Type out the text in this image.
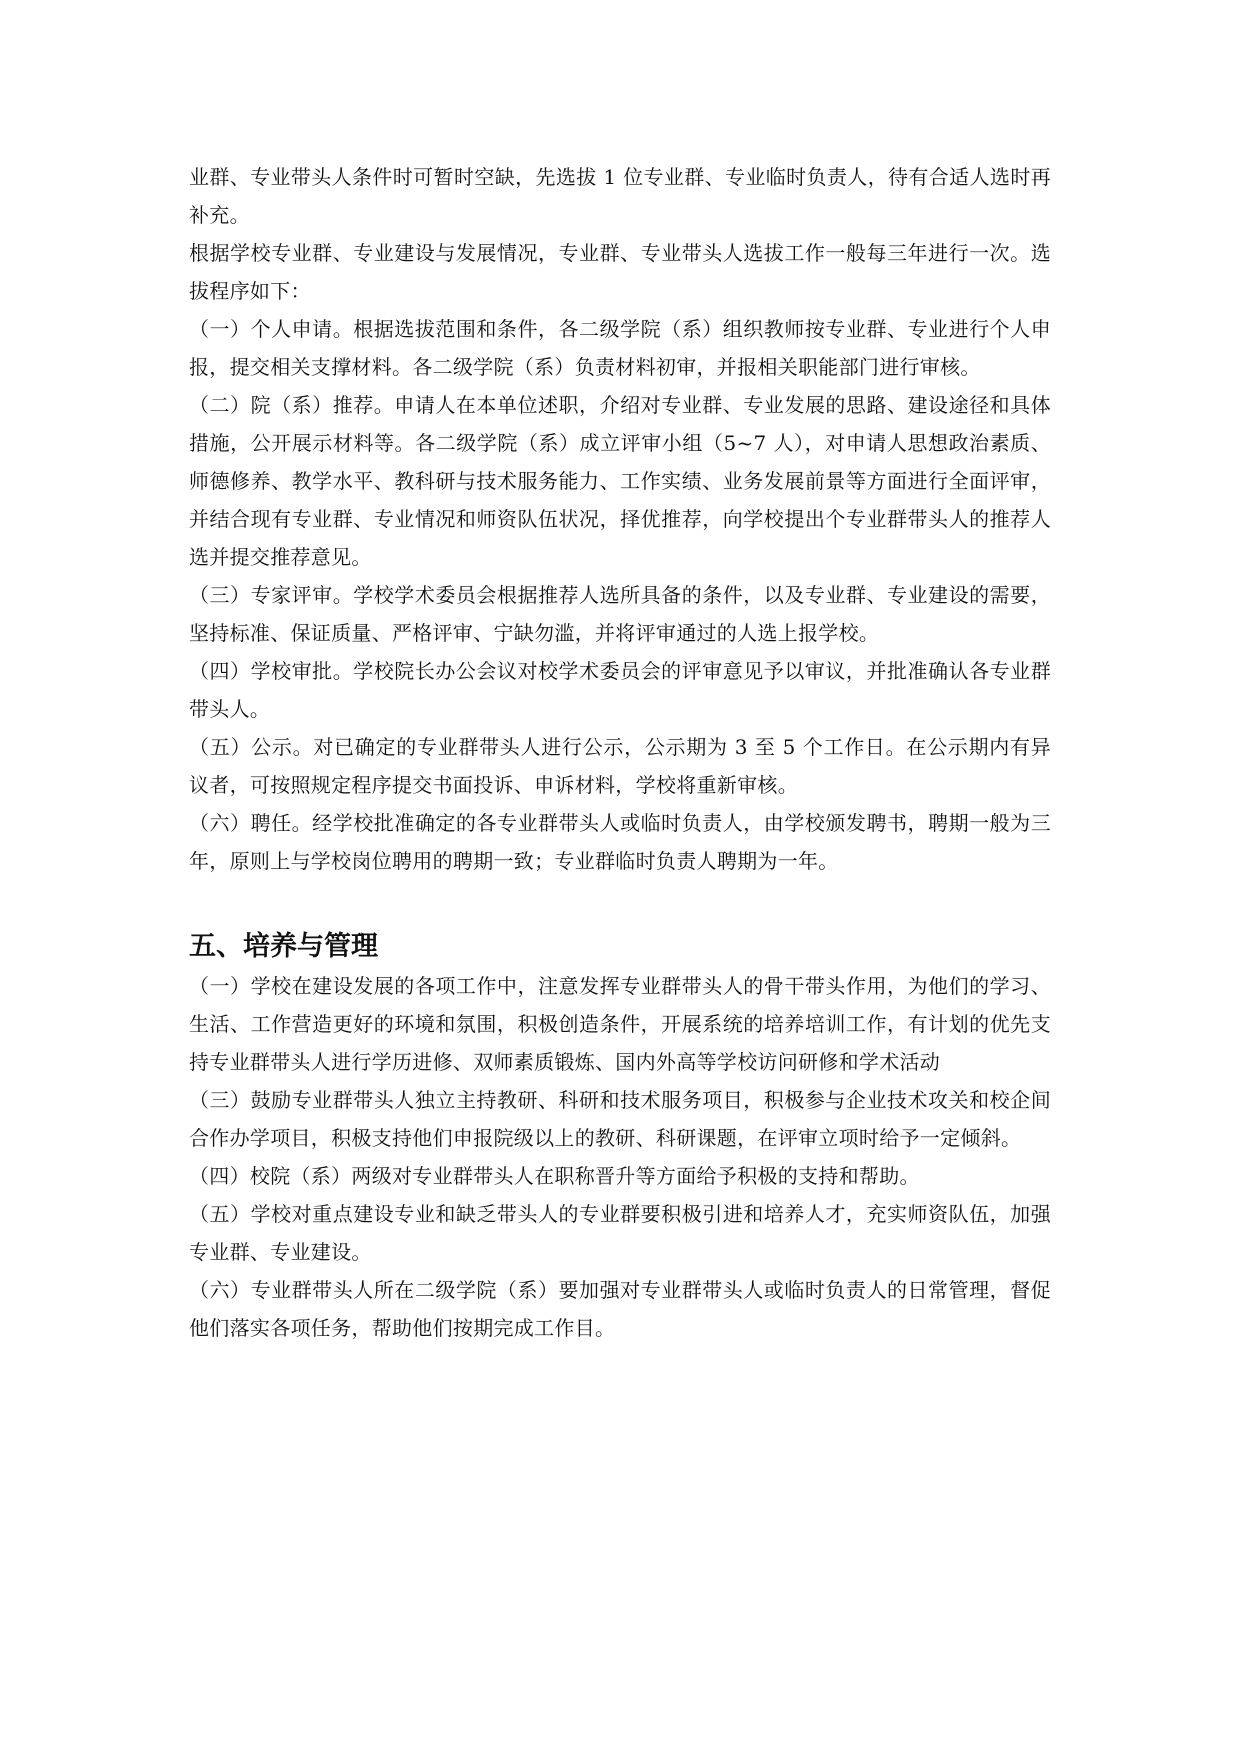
业群、专业带头人条件时可暂时空缺，先选拔 1 位专业群、专业临时负责人，待有合适人选时再补充。

根据学校专业群、专业建设与发展情况，专业群、专业带头人选拔工作一般每三年进行一次。选拔程序如下：

（一）个人申请。根据选拔范围和条件，各二级学院（系）组织教师按专业群、专业进行个人申报，提交相关支撑材料。各二级学院（系）负责材料初审，并报相关职能部门进行审核。

（二）院（系）推荐。申请人在本单位述职，介绍对专业群、专业发展的思路、建设途径和具体措施，公开展示材料等。各二级学院（系）成立评审小组（5~7 人），对申请人思想政治素质、师德修养、教学水平、教科研与技术服务能力、工作实绩、业务发展前景等方面进行全面评审，并结合现有专业群、专业情况和师资队伍状况，择优推荐，向学校提出个专业群带头人的推荐人选并提交推荐意见。

（三）专家评审。学校学术委员会根据推荐人选所具备的条件，以及专业群、专业建设的需要，坚持标准、保证质量、严格评审、宁缺勿滥，并将评审通过的人选上报学校。

（四）学校审批。学校院长办公会议对校学术委员会的评审意见予以审议，并批准确认各专业群带头人。

（五）公示。对已确定的专业群带头人进行公示，公示期为 3 至 5 个工作日。在公示期内有异议者，可按照规定程序提交书面投诉、申诉材料，学校将重新审核。

（六）聘任。经学校批准确定的各专业群带头人或临时负责人，由学校颁发聘书，聘期一般为三年，原则上与学校岗位聘用的聘期一致；专业群临时负责人聘期为一年。

五、培养与管理

（一）学校在建设发展的各项工作中，注意发挥专业群带头人的骨干带头作用，为他们的学习、生活、工作营造更好的环境和氛围，积极创造条件，开展系统的培养培训工作，有计划的优先支持专业群带头人进行学历进修、双师素质锻炼、国内外高等学校访问研修和学术活动

（三）鼓励专业群带头人独立主持教研、科研和技术服务项目，积极参与企业技术攻关和校企间合作办学项目，积极支持他们申报院级以上的教研、科研课题，在评审立项时给予一定倾斜。

（四）校院（系）两级对专业群带头人在职称晋升等方面给予积极的支持和帮助。

（五）学校对重点建设专业和缺乏带头人的专业群要积极引进和培养人才，充实师资队伍，加强专业群、专业建设。

（六）专业群带头人所在二级学院（系）要加强对专业群带头人或临时负责人的日常管理，督促他们落实各项任务，帮助他们按期完成工作目。
